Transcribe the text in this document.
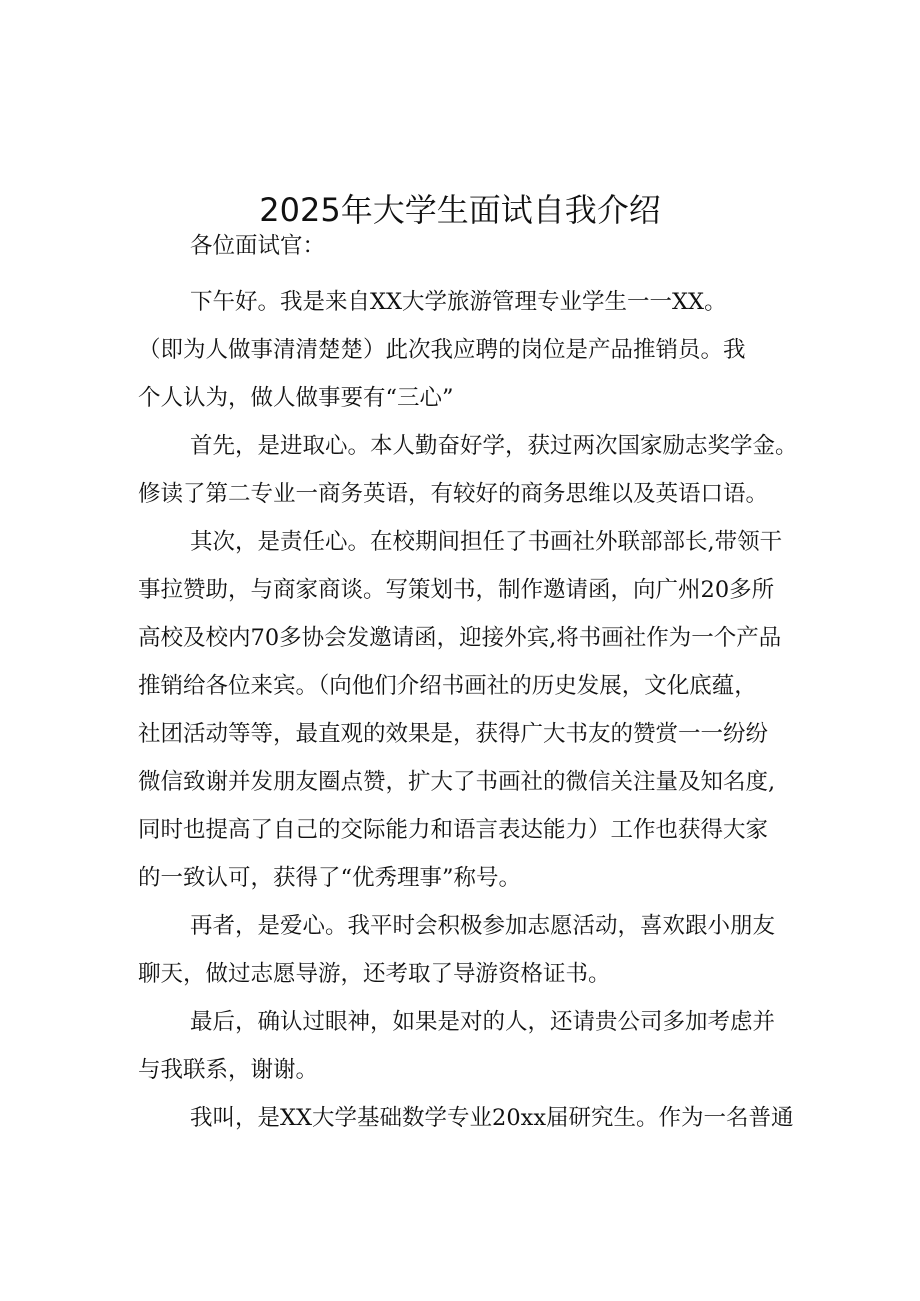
2025年大学生面试自我介绍

各位面试官：

下午好。我是来自XX大学旅游管理专业学生一一XX。

（即为人做事清清楚楚）此次我应聘的岗位是产品推销员。我

个人认为，做人做事要有“三心”

首先，是进取心。本人勤奋好学，获过两次国家励志奖学金。

修读了第二专业一商务英语，有较好的商务思维以及英语口语。

其次，是责任心。在校期间担任了书画社外联部部长,带领干

事拉赞助，与商家商谈。写策划书，制作邀请函，向广州20多所

高校及校内70多协会发邀请函，迎接外宾,将书画社作为一个产品

推销给各位来宾。（向他们介绍书画社的历史发展，文化底蕴，

社团活动等等，最直观的效果是，获得广大书友的赞赏一一纷纷

微信致谢并发朋友圈点赞，扩大了书画社的微信关注量及知名度,

同时也提高了自己的交际能力和语言表达能力）工作也获得大家

的一致认可，获得了“优秀理事”称号。

再者，是爱心。我平时会积极参加志愿活动，喜欢跟小朋友

聊天，做过志愿导游，还考取了导游资格证书。

最后，确认过眼神，如果是对的人，还请贵公司多加考虑并

与我联系，谢谢。

我叫，是XX大学基础数学专业20xx届研究生。作为一名普通
